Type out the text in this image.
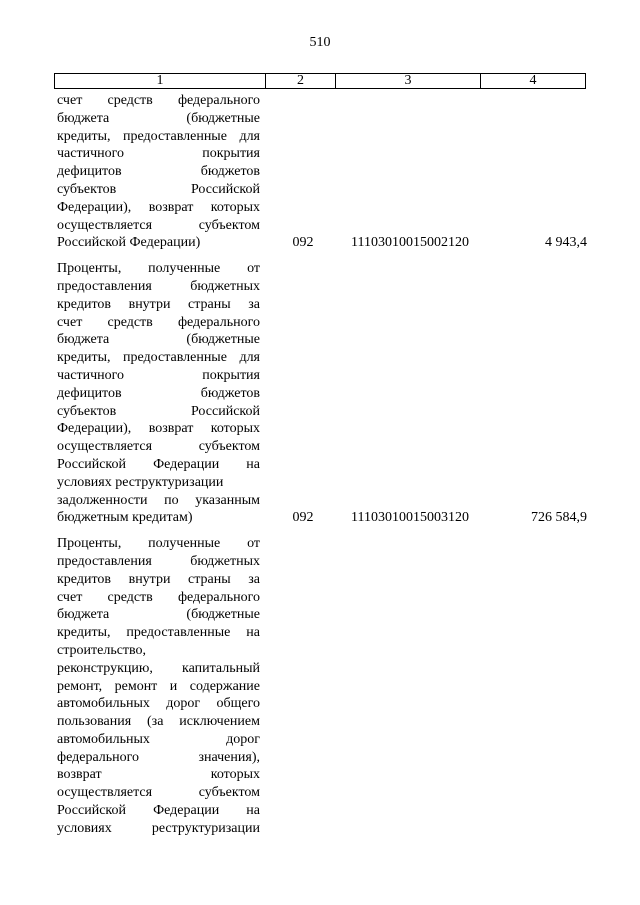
510
1	2	3	4
счет средств федерального
бюджета (бюджетные
кредиты, предоставленные для
частичного покрытия
дефицитов бюджетов
субъектов Российской
Федерации), возврат которых
осуществляется субъектом
Российской Федерации)	092	11103010015002120	4 943,4
Проценты, полученные от
предоставления бюджетных
кредитов внутри страны за
счет средств федерального
бюджета (бюджетные
кредиты, предоставленные для
частичного покрытия
дефицитов бюджетов
субъектов Российской
Федерации), возврат которых
осуществляется субъектом
Российской Федерации на
условиях реструктуризации
задолженности по указанным
бюджетным кредитам)	092	11103010015003120	726 584,9
Проценты, полученные от
предоставления бюджетных
кредитов внутри страны за
счет средств федерального
бюджета (бюджетные
кредиты, предоставленные на
строительство,
реконструкцию, капитальный
ремонт, ремонт и содержание
автомобильных дорог общего
пользования (за исключением
автомобильных дорог
федерального значения),
возврат которых
осуществляется субъектом
Российской Федерации на
условиях реструктуризации
